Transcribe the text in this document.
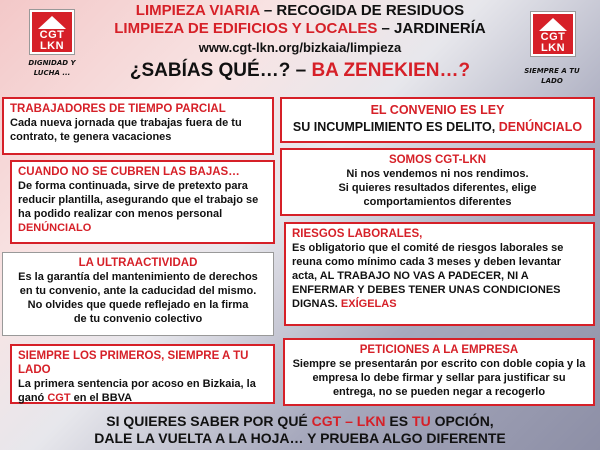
CGT
LKN
DIGNIDAD Y
LUCHA ...
CGT
LKN
SIEMPRE A TU
LADO
LIMPIEZA VIARIA – RECOGIDA DE RESIDUOS
LIMPIEZA DE EDIFICIOS Y LOCALES – JARDINERÍA
www.cgt-lkn.org/bizkaia/limpieza
¿SABÍAS QUÉ…? – BA ZENEKIEN…?
TRABAJADORES DE TIEMPO PARCIAL

Cada nueva jornada que trabajas fuera de tu

contrato, te genera vacaciones

EL CONVENIO ES LEY
SU INCUMPLIMIENTO ES DELITO, DENÚNCIALO
CUANDO NO SE CUBREN LAS BAJAS…

De forma continuada, sirve de pretexto para

reducir plantilla, asegurando que el trabajo se

ha podido realizar con menos personal

DENÚNCIALO

SOMOS CGT-LKN

Ni nos vendemos ni nos rendimos.

Si quieres resultados diferentes, elige

comportamientos diferentes

LA ULTRAACTIVIDAD

Es la garantía del mantenimiento de derechos

en tu convenio, ante la caducidad del mismo.

No olvides que quede reflejado en la firma

de tu convenio colectivo

RIESGOS LABORALES,

Es obligatorio que el comité de riesgos laborales se

reuna como mínimo cada 3 meses y deben levantar

acta, AL TRABAJO NO VAS A PADECER, NI A

ENFERMAR Y DEBES TENER UNAS CONDICIONES

DIGNAS. EXÍGELAS

SIEMPRE LOS PRIMEROS, SIEMPRE A TU LADO

La primera sentencia por acoso en Bizkaia, la

ganó CGT en el BBVA

PETICIONES A LA EMPRESA

Siempre se presentarán por escrito con doble copia y la

empresa lo debe firmar y sellar para justificar su

entrega, no se pueden negar a recogerlo

SI QUIERES SABER POR QUÉ CGT – LKN ES TU OPCIÓN,
DALE LA VUELTA A LA HOJA… Y PRUEBA ALGO DIFERENTE
